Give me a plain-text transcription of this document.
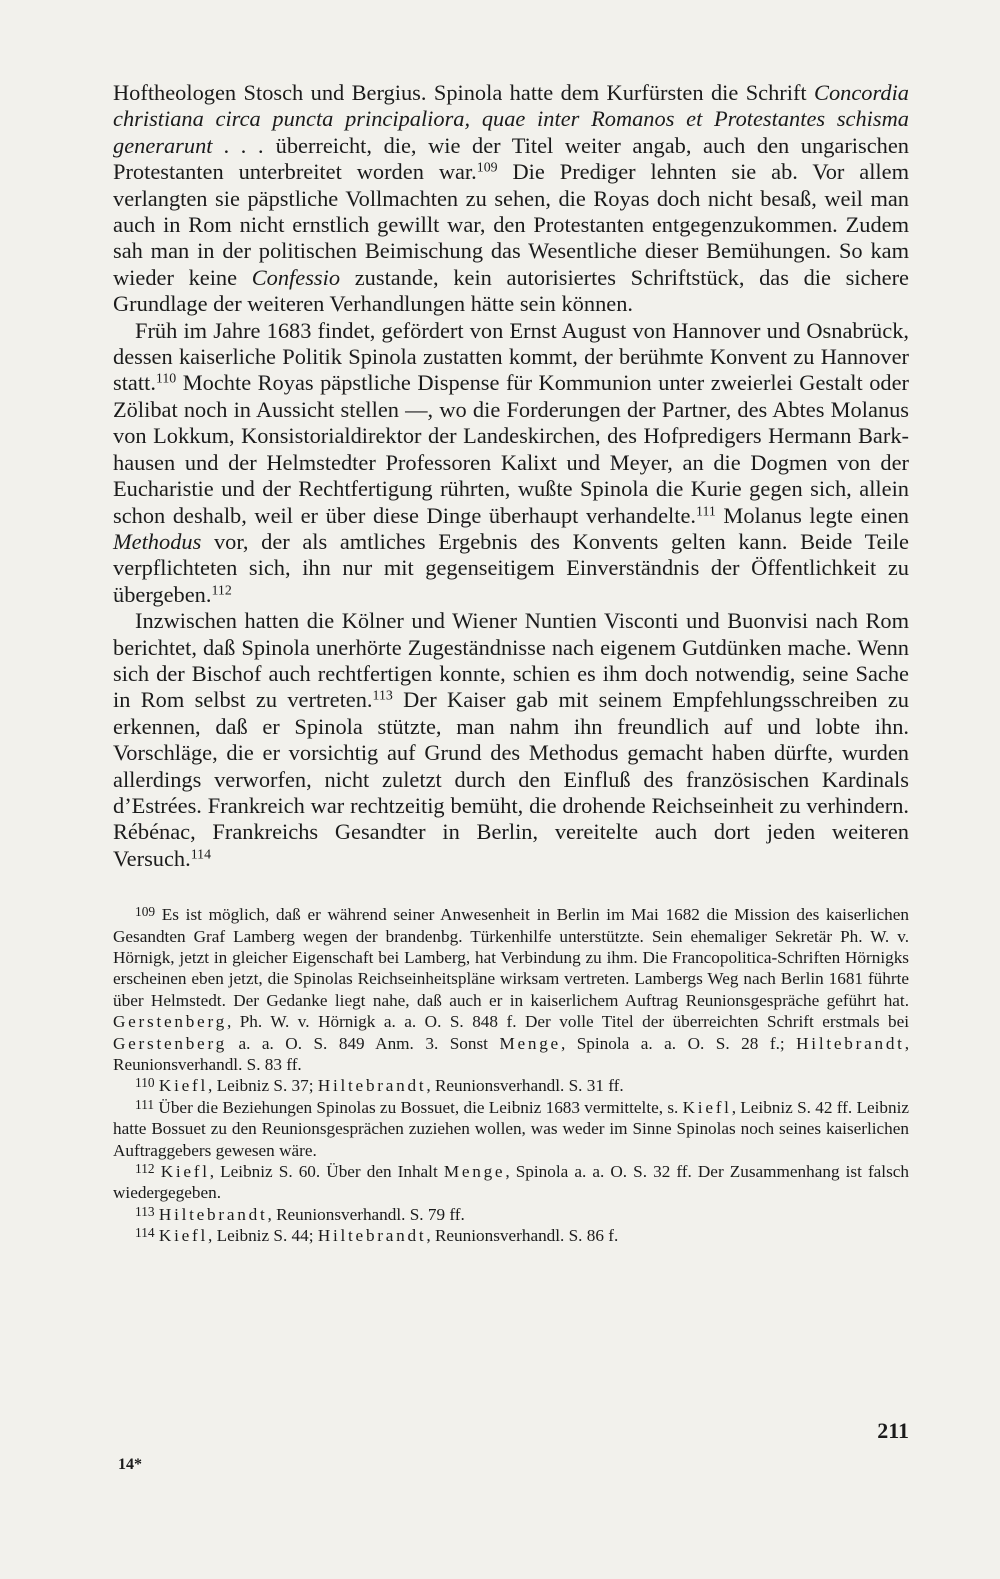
Hoftheologen Stosch und Bergius. Spinola hatte dem Kurfürsten die Schrift Concordia christiana circa puncta principaliora, quae inter Romanos et Protestantes schisma generarunt . . . überreicht, die, wie der Titel weiter angab, auch den ungarischen Protestanten unterbreitet worden war.$^{109}$ Die Prediger lehnten sie ab. Vor allem verlangten sie päpstliche Vollmachten zu sehen, die Royas doch nicht besaß, weil man auch in Rom nicht ernstlich gewillt war, den Protestanten entgegenzukommen. Zudem sah man in der politischen Beimischung das Wesentliche dieser Bemühungen. So kam wieder keine Confessio zustande, kein autorisiertes Schriftstück, das die sichere Grundlage der weiteren Verhandlungen hätte sein können.

Früh im Jahre 1683 findet, gefördert von Ernst August von Hannover und Osnabrück, dessen kaiserliche Politik Spinola zustatten kommt, der berühmte Konvent zu Hannover statt.$^{110}$ Mochte Royas päpstliche Dispense für Kommunion unter zweierlei Gestalt oder Zölibat noch in Aussicht stellen —, wo die Forderungen der Partner, des Abtes Molanus von Lokkum, Konsistorialdirektor der Landeskirchen, des Hofpredigers Hermann Barkhausen und der Helmstedter Professoren Kalixt und Meyer, an die Dogmen von der Eucharistie und der Rechtfertigung rührten, wußte Spinola die Kurie gegen sich, allein schon deshalb, weil er über diese Dinge überhaupt verhandelte.$^{111}$ Molanus legte einen Methodus vor, der als amtliches Ergebnis des Konvents gelten kann. Beide Teile verpflichteten sich, ihn nur mit gegenseitigem Einverständnis der Öffentlichkeit zu übergeben.$^{112}$

Inzwischen hatten die Kölner und Wiener Nuntien Visconti und Buonvisi nach Rom berichtet, daß Spinola unerhörte Zugeständnisse nach eigenem Gutdünken mache. Wenn sich der Bischof auch rechtfertigen konnte, schien es ihm doch notwendig, seine Sache in Rom selbst zu vertreten.$^{113}$ Der Kaiser gab mit seinem Empfehlungsschreiben zu erkennen, daß er Spinola stützte, man nahm ihn freundlich auf und lobte ihn. Vorschläge, die er vorsichtig auf Grund des Methodus gemacht haben dürfte, wurden allerdings verworfen, nicht zuletzt durch den Einfluß des französischen Kardinals d’Estrées. Frankreich war rechtzeitig bemüht, die drohende Reichseinheit zu verhindern. Rébénac, Frankreichs Gesandter in Berlin, vereitelte auch dort jeden weiteren Versuch.$^{114}$

$^{109}$ Es ist möglich, daß er während seiner Anwesenheit in Berlin im Mai 1682 die Mission des kaiserlichen Gesandten Graf Lamberg wegen der brandenbg. Türkenhilfe unterstützte. Sein ehemaliger Sekretär Ph. W. v. Hörnigk, jetzt in gleicher Eigenschaft bei Lamberg, hat Verbindung zu ihm. Die Francopolitica-Schriften Hörnigks erscheinen eben jetzt, die Spinolas Reichseinheitspläne wirksam vertreten. Lambergs Weg nach Berlin 1681 führte über Helmstedt. Der Gedanke liegt nahe, daß auch er in kaiserlichem Auftrag Reunionsgespräche geführt hat. Gerstenberg, Ph. W. v. Hörnigk a. a. O. S. 848 f. Der volle Titel der überreichten Schrift erstmals bei Gerstenberg a. a. O. S. 849 Anm. 3. Sonst Menge, Spinola a. a. O. S. 28 f.; Hiltebrandt, Reunionsverhandl. S. 83 ff.

$^{110}$ Kiefl, Leibniz S. 37; Hiltebrandt, Reunionsverhandl. S. 31 ff.

$^{111}$ Über die Beziehungen Spinolas zu Bossuet, die Leibniz 1683 vermittelte, s. Kiefl, Leibniz S. 42 ff. Leibniz hatte Bossuet zu den Reunionsgesprächen zuziehen wollen, was weder im Sinne Spinolas noch seines kaiserlichen Auftraggebers gewesen wäre.

$^{112}$ Kiefl, Leibniz S. 60. Über den Inhalt Menge, Spinola a. a. O. S. 32 ff. Der Zusammenhang ist falsch wiedergegeben.

$^{113}$ Hiltebrandt, Reunionsverhandl. S. 79 ff.

$^{114}$ Kiefl, Leibniz S. 44; Hiltebrandt, Reunionsverhandl. S. 86 f.

211
14*
